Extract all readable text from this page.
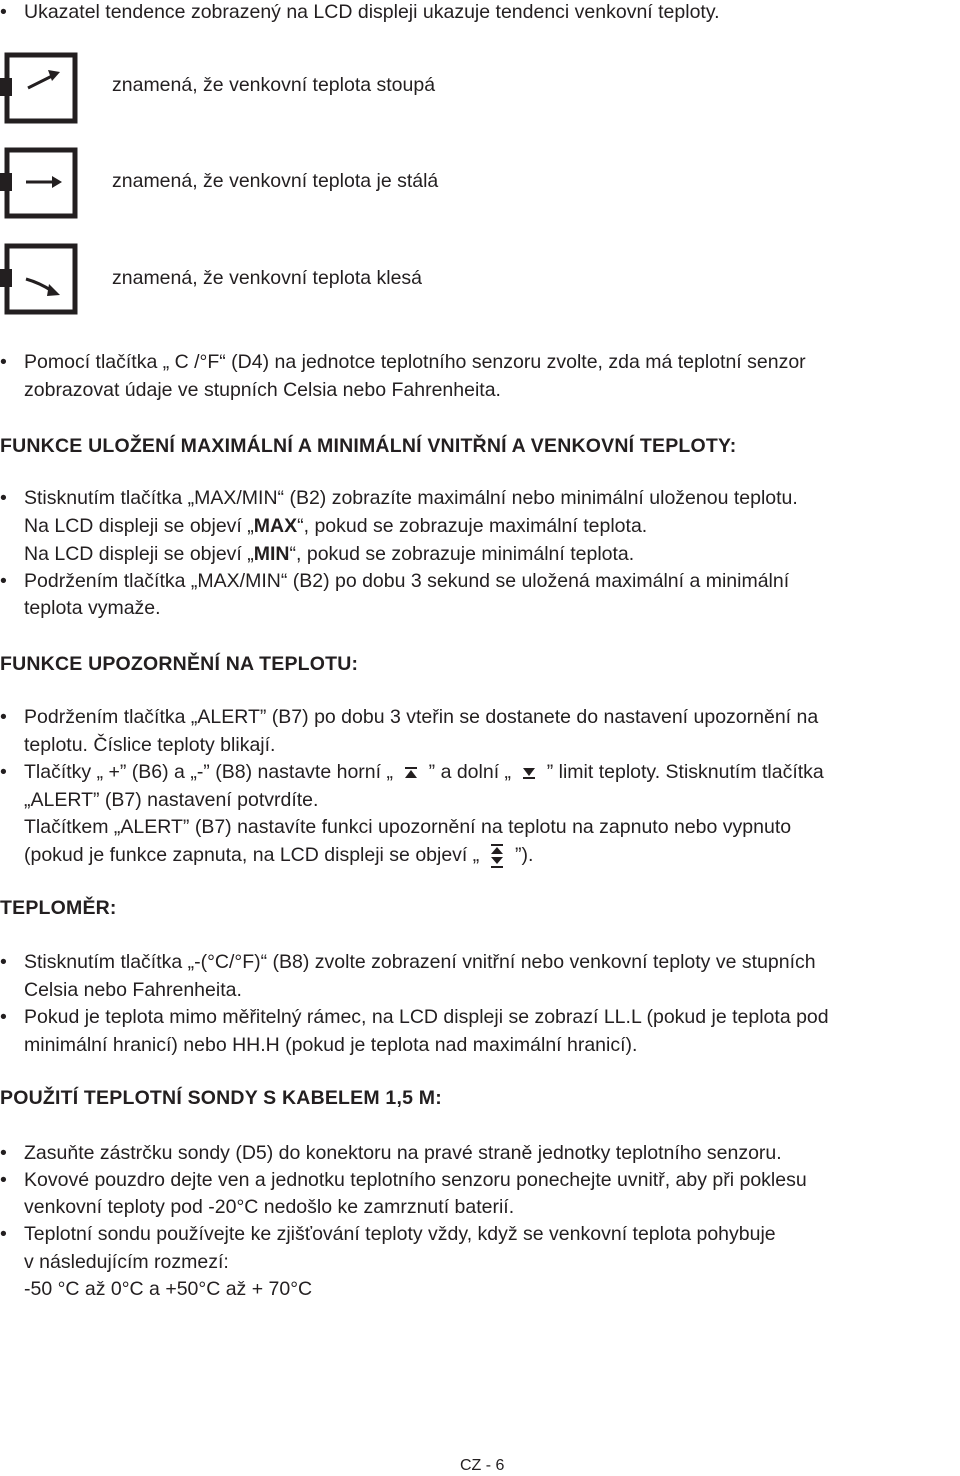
• Ukazatel tendence zobrazený na LCD displeji ukazuje tendenci venkovní teploty.
znamená, že venkovní teplota stoupá
znamená, že venkovní teplota je stálá
znamená, že venkovní teplota klesá
• Pomocí tlačítka „ C /°F“ (D4) na jednotce teplotního senzoru zvolte, zda má teplotní senzor
zobrazovat údaje ve stupních Celsia nebo Fahrenheita.
FUNKCE ULOŽENÍ MAXIMÁLNÍ A MINIMÁLNÍ VNITŘNÍ A VENKOVNÍ TEPLOTY:
• Stisknutím tlačítka „MAX/MIN“ (B2) zobrazíte maximální nebo minimální uloženou teplotu.
Na LCD displeji se objeví „MAX“, pokud se zobrazuje maximální teplota.
Na LCD displeji se objeví „MIN“, pokud se zobrazuje minimální teplota.
• Podržením tlačítka „MAX/MIN“ (B2) po dobu 3 sekund se uložená maximální a minimální
teplota vymaže.
FUNKCE UPOZORNĚNÍ NA TEPLOTU:
• Podržením tlačítka „ALERT” (B7) po dobu 3 vteřin se dostanete do nastavení upozornění na
teplotu. Číslice teploty blikají.
• Tlačítky „ +” (B6) a „-” (B8) nastavte horní „ ” a dolní „ ” limit teploty. Stisknutím tlačítka
„ALERT” (B7) nastavení potvrdíte.
Tlačítkem „ALERT” (B7) nastavíte funkci upozornění na teplotu na zapnuto nebo vypnuto
(pokud je funkce zapnuta, na LCD displeji se objeví „ ”).
TEPLOMĚR:
• Stisknutím tlačítka „-(°C/°F)“ (B8) zvolte zobrazení vnitřní nebo venkovní teploty ve stupních
Celsia nebo Fahrenheita.
• Pokud je teplota mimo měřitelný rámec, na LCD displeji se zobrazí LL.L (pokud je teplota pod
minimální hranicí) nebo HH.H (pokud je teplota nad maximální hranicí).
POUŽITÍ TEPLOTNÍ SONDY S KABELEM 1,5 M:
• Zasuňte zástrčku sondy (D5) do konektoru na pravé straně jednotky teplotního senzoru.
• Kovové pouzdro dejte ven a jednotku teplotního senzoru ponechejte uvnitř, aby při poklesu
venkovní teploty pod -20°C nedošlo ke zamrznutí baterií.
• Teplotní sondu používejte ke zjišťování teploty vždy, když se venkovní teplota pohybuje
v následujícím rozmezí:
-50 °C až 0°C a +50°C až + 70°C
CZ - 6
